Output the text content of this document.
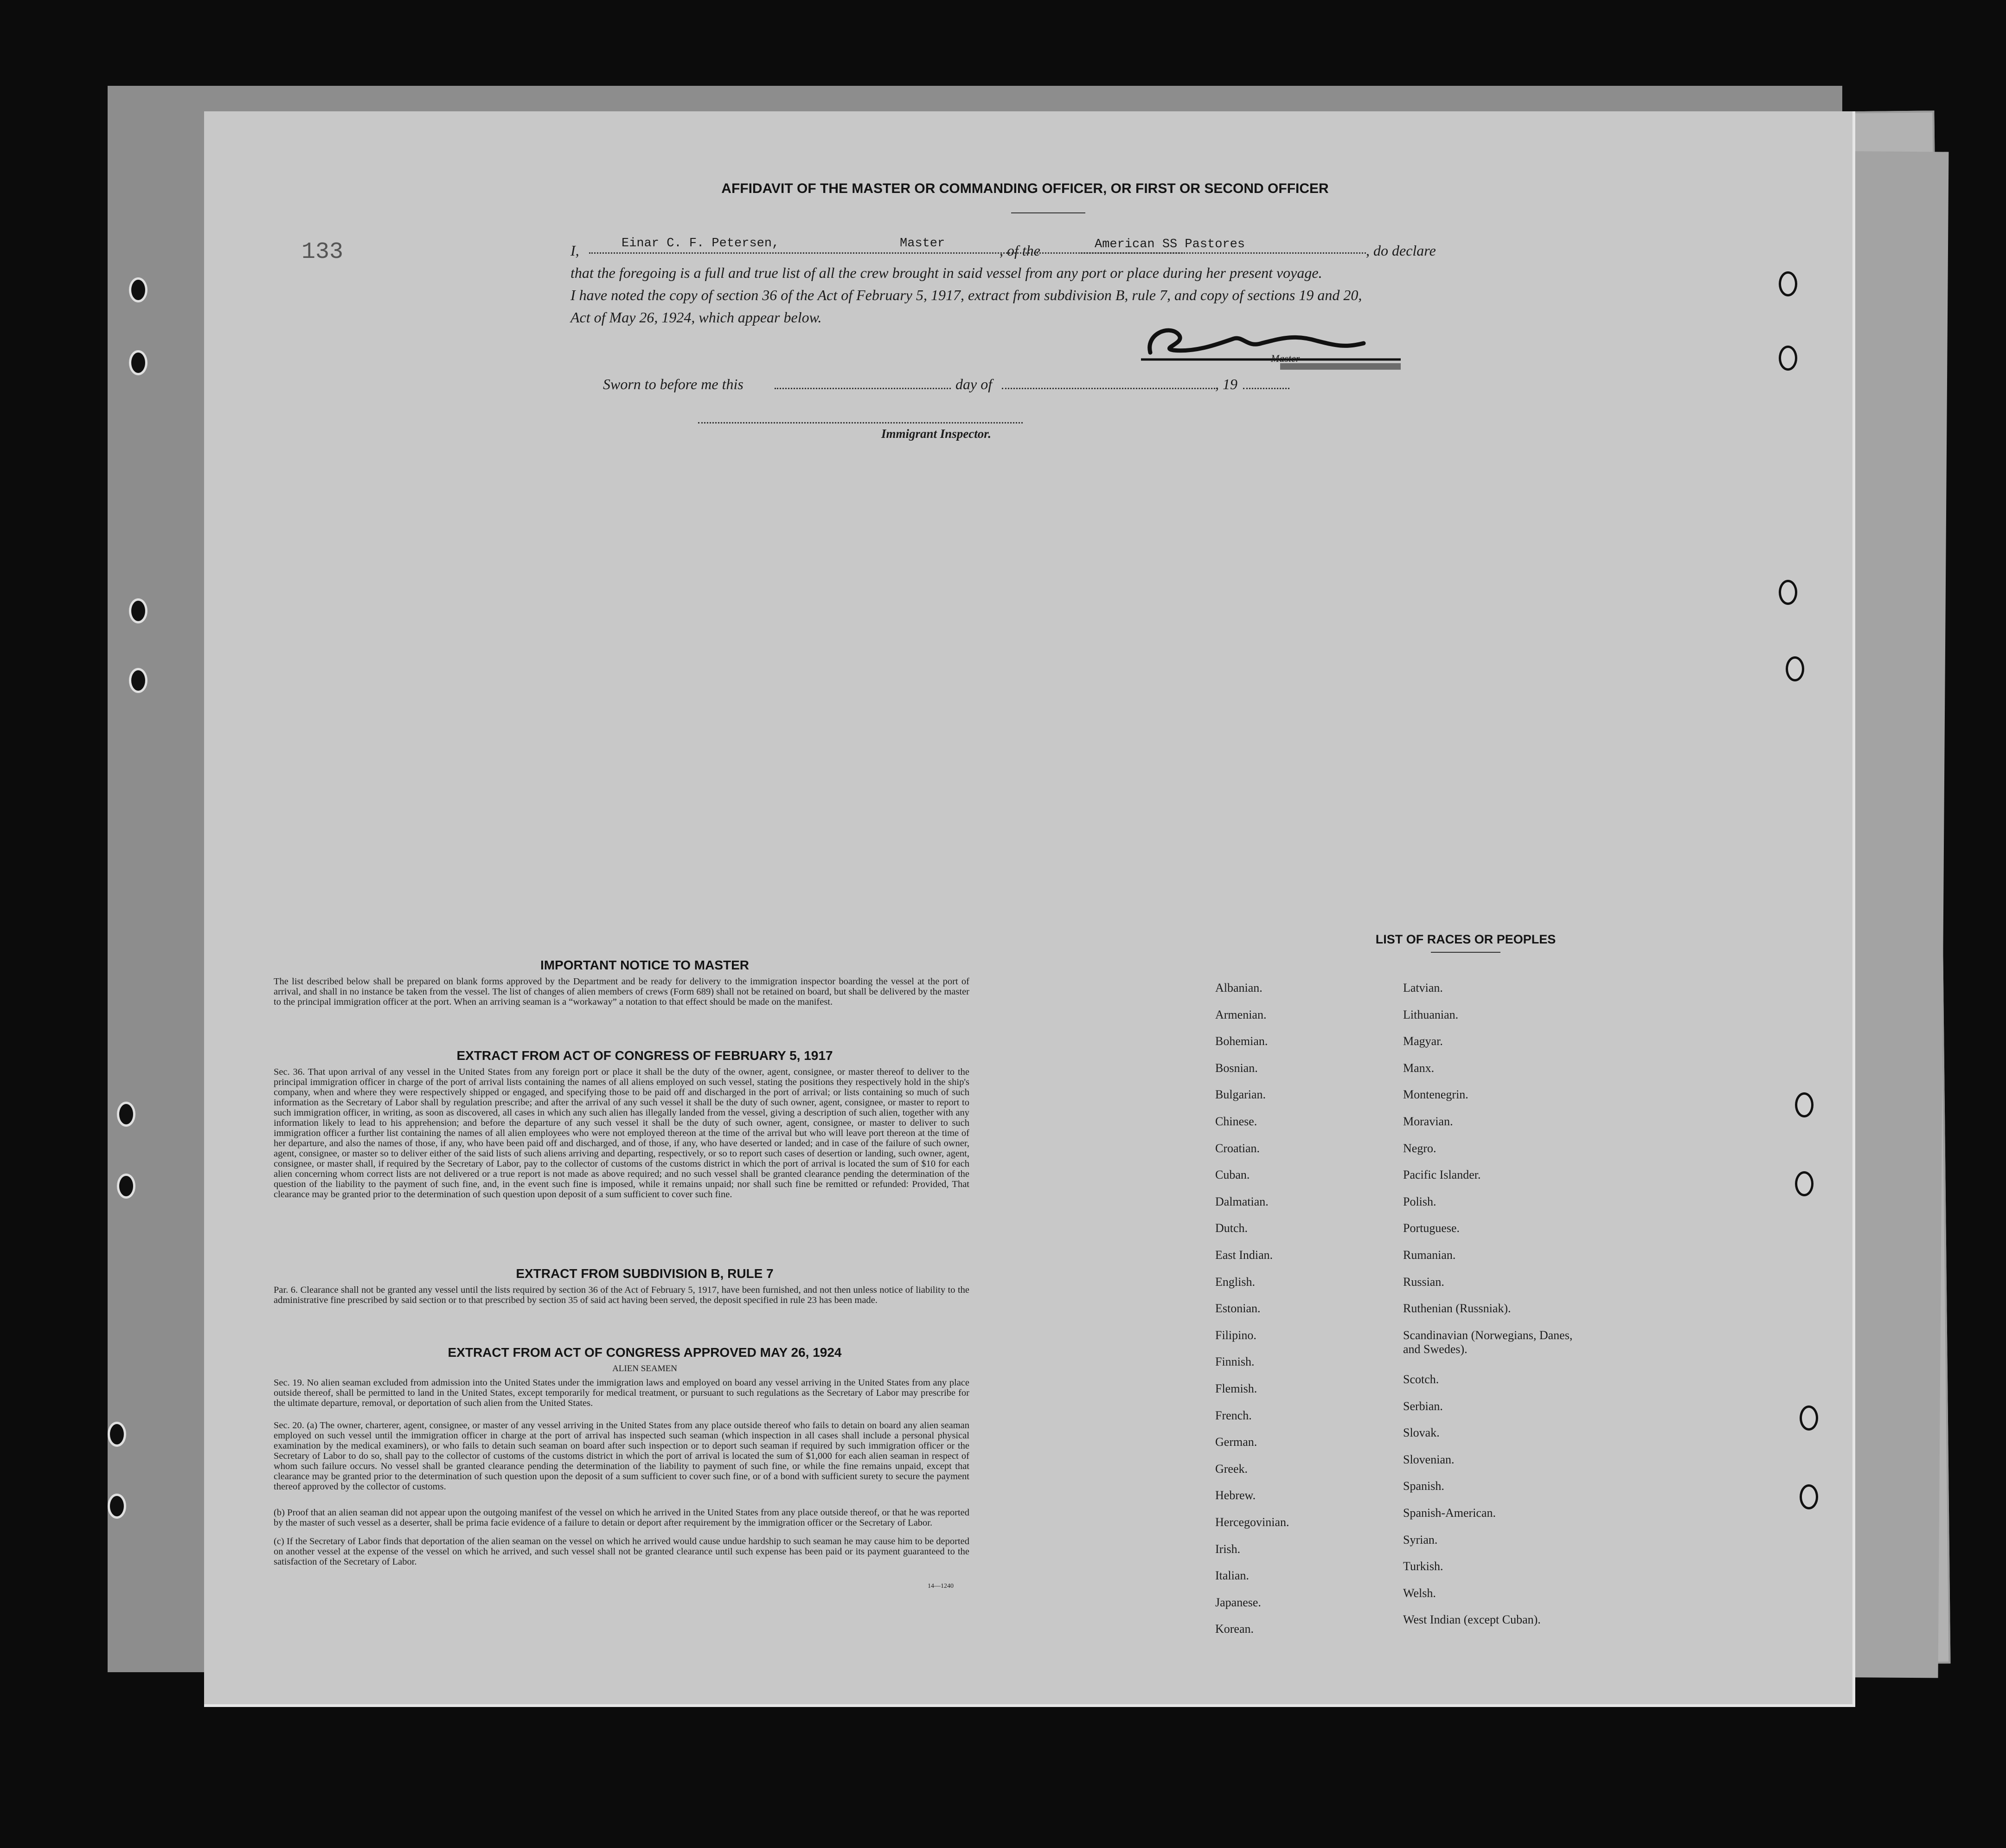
133
AFFIDAVIT OF THE MASTER OR COMMANDING OFFICER, OR FIRST OR SECOND OFFICER
I,	Einar C. F. Petersen,	Master	, of the	American SS Pastores	, do declare
that the foregoing is a full and true list of all the crew brought in said vessel from any port or place during her present voyage.
I have noted the copy of section 36 of the Act of February 5, 1917, extract from subdivision B, rule 7, and copy of sections 19 and 20,
Act of May 26, 1924, which appear below.
Master
Sworn to before me this	day of	, 19
Immigrant Inspector.
IMPORTANT NOTICE TO MASTER
The list described below shall be prepared on blank forms approved by the Department and be ready for delivery to the immigration inspector boarding the vessel at the port of arrival, and shall in no instance be taken from the vessel. The list of changes of alien members of crews (Form 689) shall not be retained on board, but shall be delivered by the master to the principal immigration officer at the port. When an arriving seaman is a “workaway” a notation to that effect should be made on the manifest.
EXTRACT FROM ACT OF CONGRESS OF FEBRUARY 5, 1917
Sec. 36. That upon arrival of any vessel in the United States from any foreign port or place it shall be the duty of the owner, agent, consignee, or master thereof to deliver to the principal immigration officer in charge of the port of arrival lists containing the names of all aliens employed on such vessel, stating the positions they respectively hold in the ship's company, when and where they were respectively shipped or engaged, and specifying those to be paid off and discharged in the port of arrival; or lists containing so much of such information as the Secretary of Labor shall by regulation prescribe; and after the arrival of any such vessel it shall be the duty of such owner, agent, consignee, or master to report to such immigration officer, in writing, as soon as discovered, all cases in which any such alien has illegally landed from the vessel, giving a description of such alien, together with any information likely to lead to his apprehension; and before the departure of any such vessel it shall be the duty of such owner, agent, consignee, or master to deliver to such immigration officer a further list containing the names of all alien employees who were not employed thereon at the time of the arrival but who will leave port thereon at the time of her departure, and also the names of those, if any, who have been paid off and discharged, and of those, if any, who have deserted or landed; and in case of the failure of such owner, agent, consignee, or master so to deliver either of the said lists of such aliens arriving and departing, respectively, or so to report such cases of desertion or landing, such owner, agent, consignee, or master shall, if required by the Secretary of Labor, pay to the collector of customs of the customs district in which the port of arrival is located the sum of $10 for each alien concerning whom correct lists are not delivered or a true report is not made as above required; and no such vessel shall be granted clearance pending the determination of the question of the liability to the payment of such fine, and, in the event such fine is imposed, while it remains unpaid; nor shall such fine be remitted or refunded: Provided, That clearance may be granted prior to the determination of such question upon deposit of a sum sufficient to cover such fine.
EXTRACT FROM SUBDIVISION B, RULE 7
Par. 6. Clearance shall not be granted any vessel until the lists required by section 36 of the Act of February 5, 1917, have been furnished, and not then unless notice of liability to the administrative fine prescribed by said section or to that prescribed by section 35 of said act having been served, the deposit specified in rule 23 has been made.
EXTRACT FROM ACT OF CONGRESS APPROVED MAY 26, 1924
ALIEN SEAMEN
Sec. 19. No alien seaman excluded from admission into the United States under the immigration laws and employed on board any vessel arriving in the United States from any place outside thereof, shall be permitted to land in the United States, except temporarily for medical treatment, or pursuant to such regulations as the Secretary of Labor may prescribe for the ultimate departure, removal, or deportation of such alien from the United States.
Sec. 20. (a) The owner, charterer, agent, consignee, or master of any vessel arriving in the United States from any place outside thereof who fails to detain on board any alien seaman employed on such vessel until the immigration officer in charge at the port of arrival has inspected such seaman (which inspection in all cases shall include a personal physical examination by the medical examiners), or who fails to detain such seaman on board after such inspection or to deport such seaman if required by such immigration officer or the Secretary of Labor to do so, shall pay to the collector of customs of the customs district in which the port of arrival is located the sum of $1,000 for each alien seaman in respect of whom such failure occurs. No vessel shall be granted clearance pending the determination of the liability to payment of such fine, or while the fine remains unpaid, except that clearance may be granted prior to the determination of such question upon the deposit of a sum sufficient to cover such fine, or of a bond with sufficient surety to secure the payment thereof approved by the collector of customs.
(b) Proof that an alien seaman did not appear upon the outgoing manifest of the vessel on which he arrived in the United States from any place outside thereof, or that he was reported by the master of such vessel as a deserter, shall be prima facie evidence of a failure to detain or deport after requirement by the immigration officer or the Secretary of Labor.
(c) If the Secretary of Labor finds that deportation of the alien seaman on the vessel on which he arrived would cause undue hardship to such seaman he may cause him to be deported on another vessel at the expense of the vessel on which he arrived, and such vessel shall not be granted clearance until such expense has been paid or its payment guaranteed to the satisfaction of the Secretary of Labor.
14—1240
LIST OF RACES OR PEOPLES
Albanian.
Armenian.
Bohemian.
Bosnian.
Bulgarian.
Chinese.
Croatian.
Cuban.
Dalmatian.
Dutch.
East Indian.
English.
Estonian.
Filipino.
Finnish.
Flemish.
French.
German.
Greek.
Hebrew.
Hercegovinian.
Irish.
Italian.
Japanese.
Korean.
Latvian.
Lithuanian.
Magyar.
Manx.
Montenegrin.
Moravian.
Negro.
Pacific Islander.
Polish.
Portuguese.
Rumanian.
Russian.
Ruthenian (Russniak).
Scandinavian (Norwegians, Danes, and Swedes).
Scotch.
Serbian.
Slovak.
Slovenian.
Spanish.
Spanish-American.
Syrian.
Turkish.
Welsh.
West Indian (except Cuban).
